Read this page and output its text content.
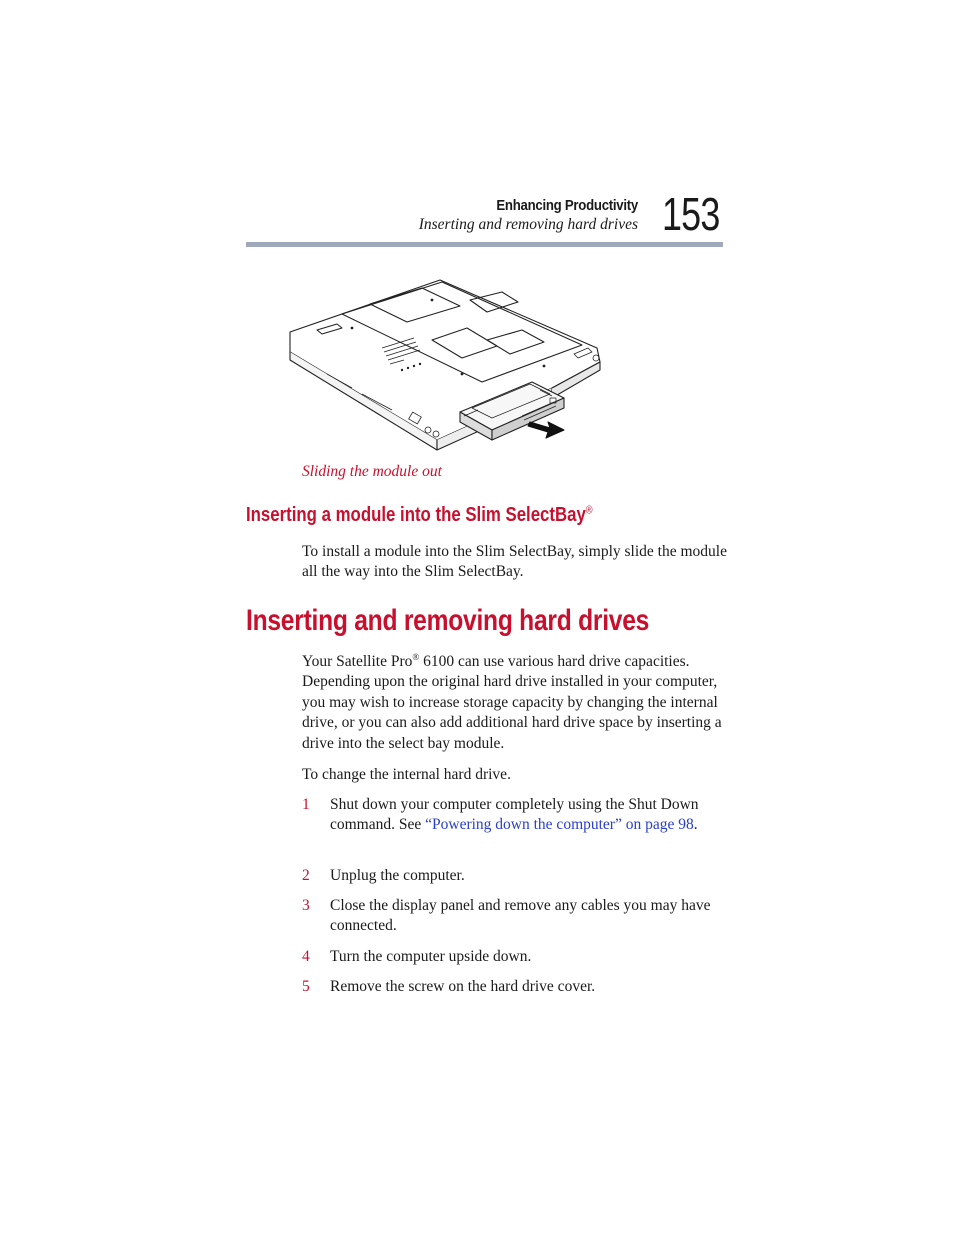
Enhancing Productivity
Inserting and removing hard drives 153
Sliding the module out
Inserting a module into the Slim SelectBay®
To install a module into the Slim SelectBay, simply slide the module all the way into the Slim SelectBay.
Inserting and removing hard drives
Your Satellite Pro® 6100 can use various hard drive capacities. Depending upon the original hard drive installed in your computer, you may wish to increase storage capacity by changing the internal drive, or you can also add additional hard drive space by inserting a drive into the select bay module.
To change the internal hard drive.
1 Shut down your computer completely using the Shut Down command. See “Powering down the computer” on page 98.
2 Unplug the computer.
3 Close the display panel and remove any cables you may have connected.
4 Turn the computer upside down.
5 Remove the screw on the hard drive cover.
